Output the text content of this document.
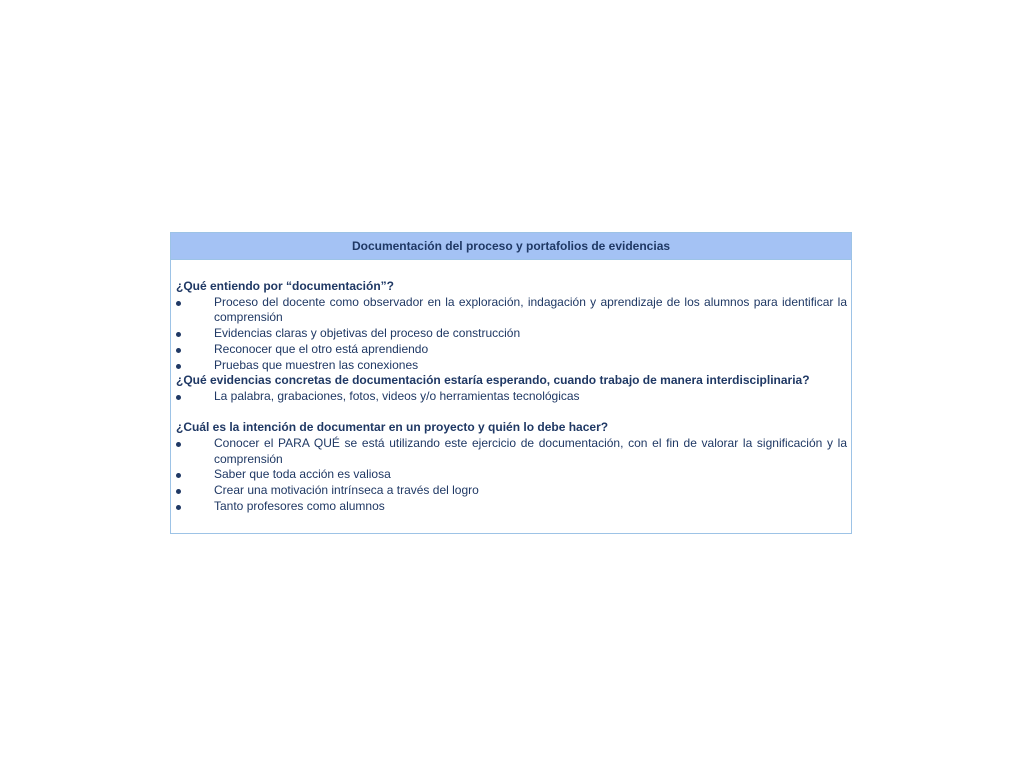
Documentación del proceso y portafolios de evidencias

¿Qué entiendo por “documentación”?

Proceso del docente como observador en la exploración, indagación y aprendizaje de los alumnos para identificar la comprensión
Evidencias claras y objetivas del proceso de construcción
Reconocer que el otro está aprendiendo
Pruebas que muestren las conexiones

¿Qué evidencias concretas de documentación estaría esperando, cuando trabajo de manera interdisciplinaria?

La palabra, grabaciones, fotos, videos y/o herramientas tecnológicas

¿Cuál es la intención de documentar en un proyecto y quién lo debe hacer?

Conocer el PARA QUÉ se está utilizando este ejercicio de documentación, con el fin de valorar la significación y la comprensión
Saber que toda acción es valiosa
Crear una motivación intrínseca a través del logro
Tanto profesores como alumnos
